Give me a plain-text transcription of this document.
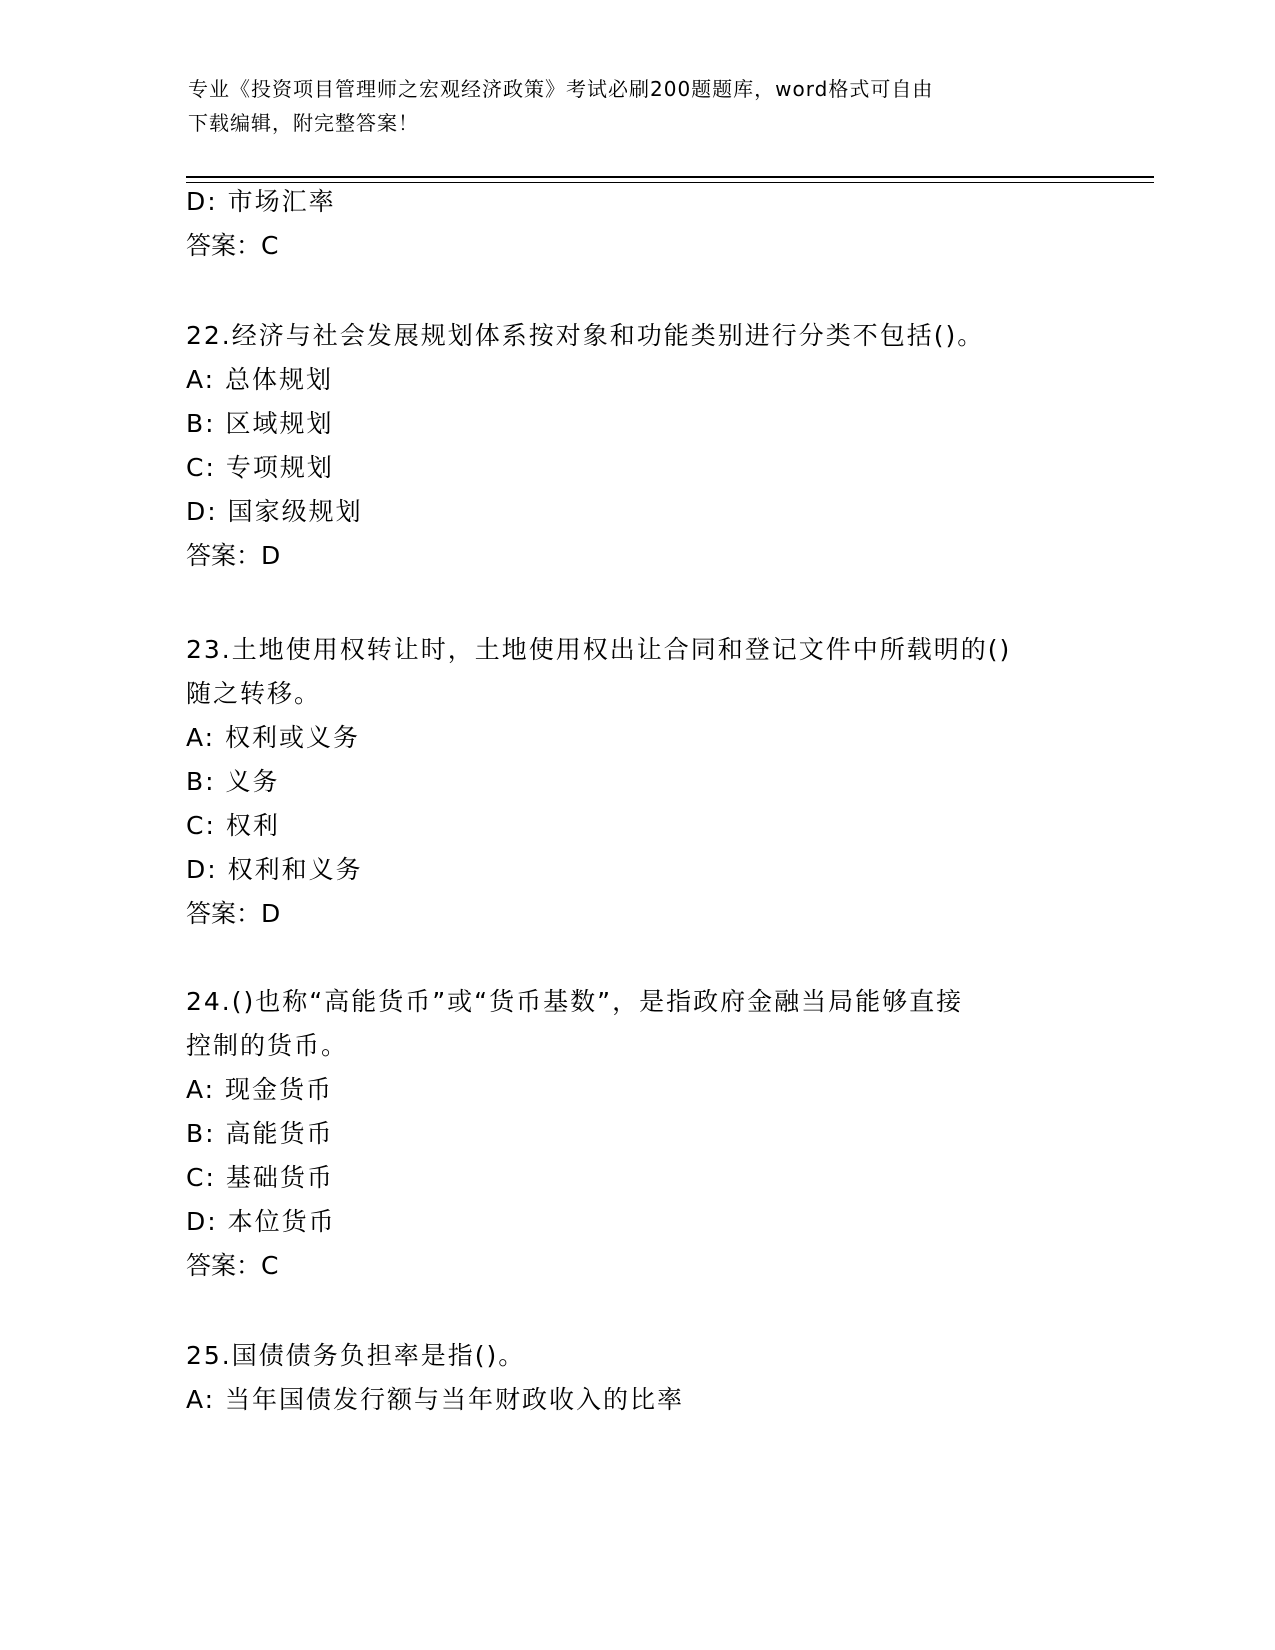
专业《投资项目管理师之宏观经济政策》考试必刷200题题库，word格式可自由
下载编辑，附完整答案！
D: 市场汇率
答案：C
22.经济与社会发展规划体系按对象和功能类别进行分类不包括()。
A: 总体规划
B: 区域规划
C: 专项规划
D: 国家级规划
答案：D
23.土地使用权转让时，土地使用权出让合同和登记文件中所载明的()
随之转移。
A: 权利或义务
B: 义务
C: 权利
D: 权利和义务
答案：D
24.()也称“高能货币”或“货币基数”，是指政府金融当局能够直接
控制的货币。
A: 现金货币
B: 高能货币
C: 基础货币
D: 本位货币
答案：C
25.国债债务负担率是指()。
A: 当年国债发行额与当年财政收入的比率
